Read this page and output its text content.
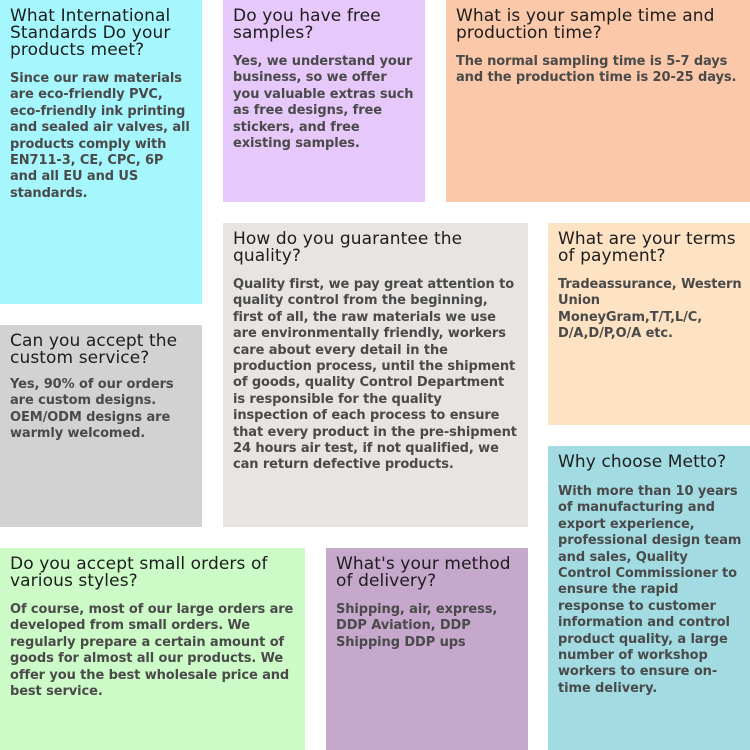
What International Standards Do your products meet?

Since our raw materials are eco-friendly PVC, eco-friendly ink printing and sealed air valves, all products comply with EN711-3, CE, CPC, 6P and all EU and US standards.

Do you have free samples?

Yes, we understand your business, so we offer you valuable extras such as free designs, free stickers, and free existing samples.

What is your sample time and production time?

The normal sampling time is 5-7 days and the production time is 20-25 days.

How do you guarantee the quality?

Quality first, we pay great attention to quality control from the beginning, first of all, the raw materials we use are environmentally friendly, workers care about every detail in the production process, until the shipment of goods, quality Control Department is responsible for the quality inspection of each process to ensure that every product in the pre-shipment 24 hours air test, if not qualified, we can return defective products.

What are your terms of payment?

Tradeassurance, Western Union MoneyGram,T/T,L/C, D/A,D/P,O/A etc.

Can you accept the custom service?

Yes, 90% of our orders are custom designs. OEM/ODM designs are warmly welcomed.

Why choose Metto?

With more than 10 years of manufacturing and export experience, professional design team and sales, Quality Control Commissioner to ensure the rapid response to customer information and control product quality, a large number of workshop workers to ensure on-time delivery.

Do you accept small orders of various styles?

Of course, most of our large orders are developed from small orders. We regularly prepare a certain amount of goods for almost all our products. We offer you the best wholesale price and best service.

What's your method of delivery?

Shipping, air, express, DDP Aviation, DDP Shipping DDP ups
